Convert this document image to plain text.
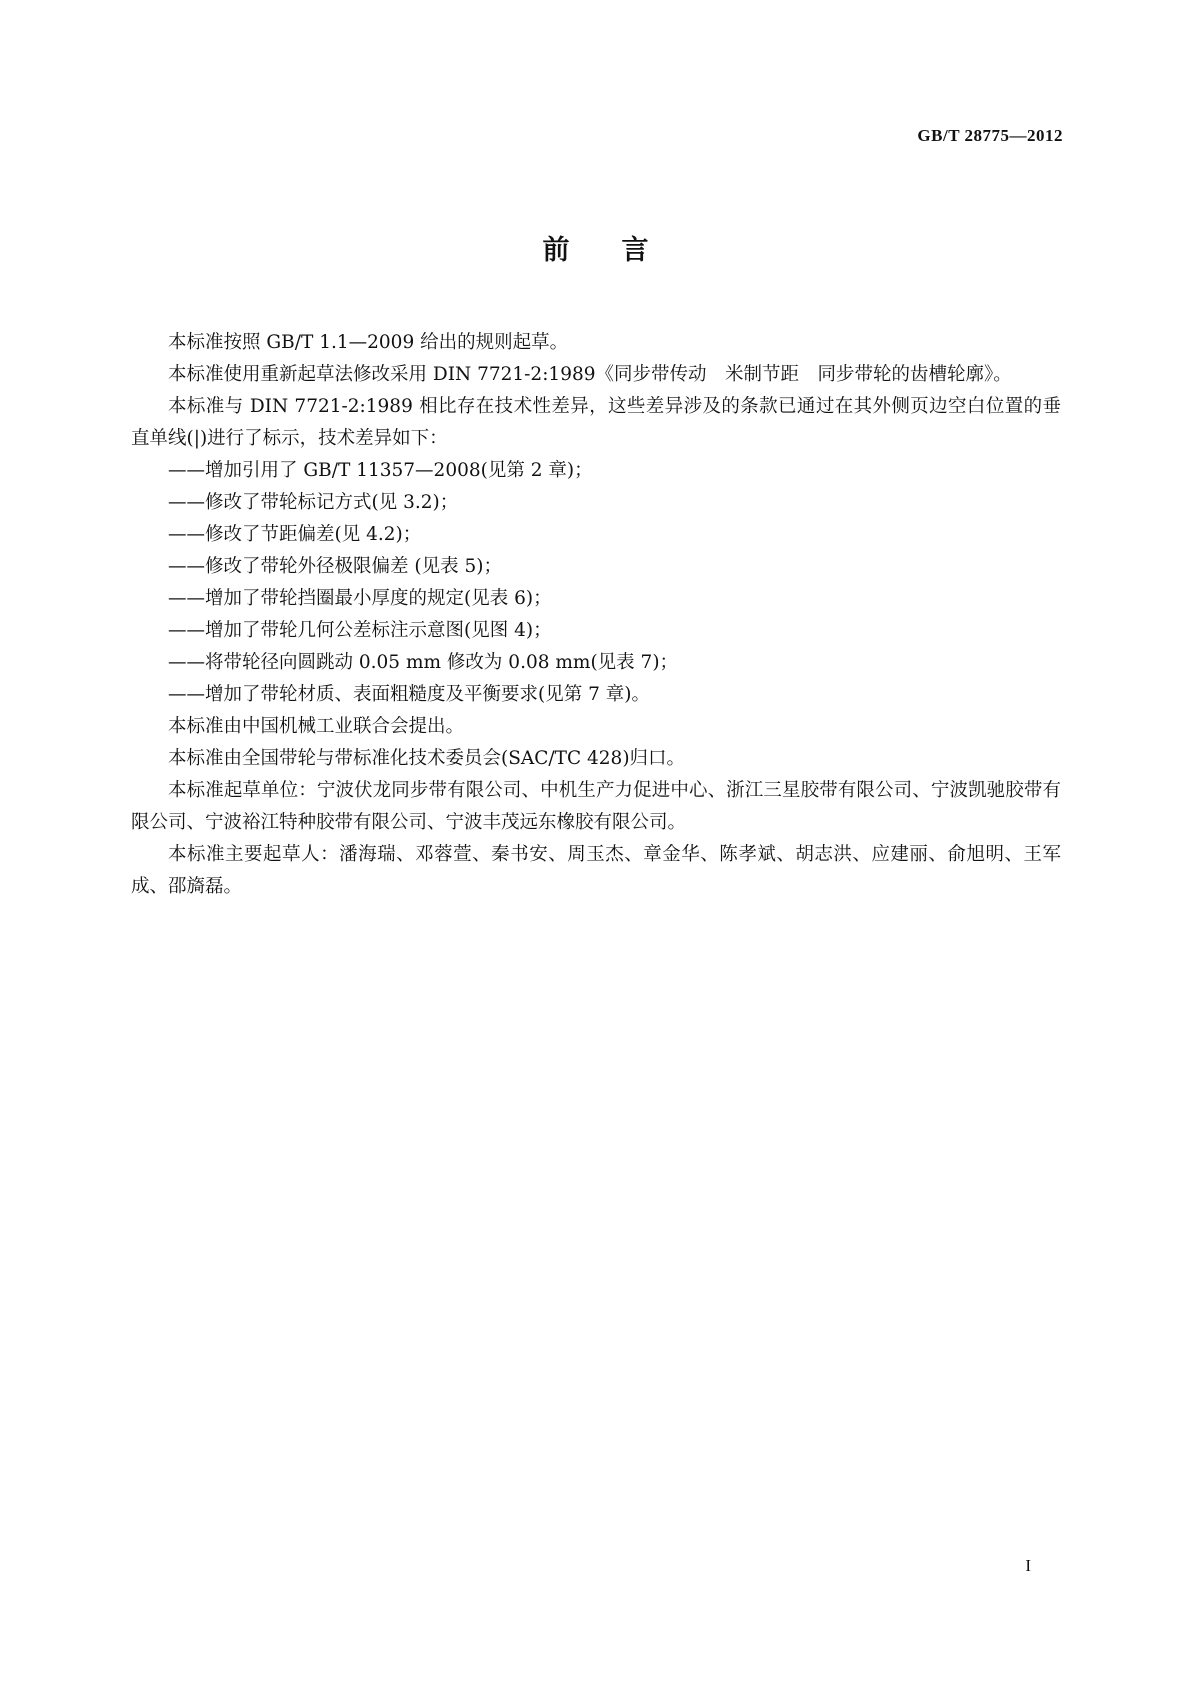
GB/T 28775—2012
前言

本标准按照 GB/T 1.1—2009 给出的规则起草。

本标准使用重新起草法修改采用 DIN 7721-2:1989《同步带传动　米制节距　同步带轮的齿槽轮廓》。

本标准与 DIN 7721-2:1989 相比存在技术性差异，这些差异涉及的条款已通过在其外侧页边空白位置的垂直单线(|)进行了标示，技术差异如下：

——增加引用了 GB/T 11357—2008(见第 2 章)；

——修改了带轮标记方式(见 3.2)；

——修改了节距偏差(见 4.2)；

——修改了带轮外径极限偏差 (见表 5)；

——增加了带轮挡圈最小厚度的规定(见表 6)；

——增加了带轮几何公差标注示意图(见图 4)；

——将带轮径向圆跳动 0.05 mm 修改为 0.08 mm(见表 7)；

——增加了带轮材质、表面粗糙度及平衡要求(见第 7 章)。

本标准由中国机械工业联合会提出。

本标准由全国带轮与带标准化技术委员会(SAC/TC 428)归口。

本标准起草单位：宁波伏龙同步带有限公司、中机生产力促进中心、浙江三星胶带有限公司、宁波凯驰胶带有限公司、宁波裕江特种胶带有限公司、宁波丰茂远东橡胶有限公司。

本标准主要起草人：潘海瑞、邓蓉萱、秦书安、周玉杰、章金华、陈孝斌、胡志洪、应建丽、俞旭明、王军成、邵旖磊。

I
